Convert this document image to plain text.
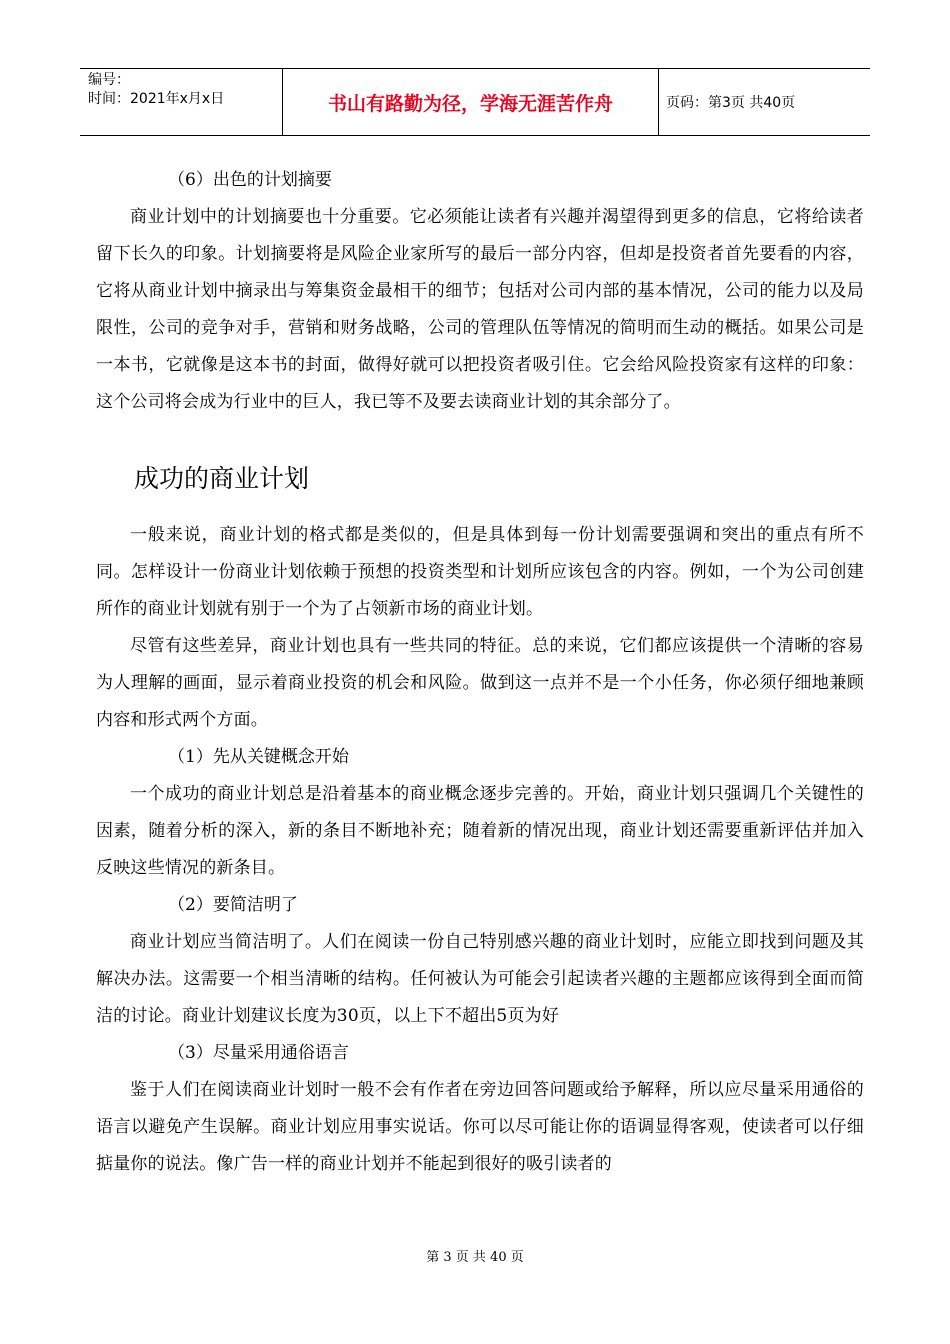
编号：
时间：2021年x月x日	书山有路勤为径，学海无涯苦作舟	页码：第3页 共40页

（6）出色的计划摘要

商业计划中的计划摘要也十分重要。它必须能让读者有兴趣并渴望得到更多的信息，它将给读者留下长久的印象。计划摘要将是风险企业家所写的最后一部分内容，但却是投资者首先要看的内容，它将从商业计划中摘录出与筹集资金最相干的细节；包括对公司内部的基本情况，公司的能力以及局限性，公司的竞争对手，营销和财务战略，公司的管理队伍等情况的简明而生动的概括。如果公司是一本书，它就像是这本书的封面，做得好就可以把投资者吸引住。它会给风险投资家有这样的印象：这个公司将会成为行业中的巨人，我已等不及要去读商业计划的其余部分了。

成功的商业计划

一般来说，商业计划的格式都是类似的，但是具体到每一份计划需要强调和突出的重点有所不同。怎样设计一份商业计划依赖于预想的投资类型和计划所应该包含的内容。例如，一个为公司创建所作的商业计划就有别于一个为了占领新市场的商业计划。

尽管有这些差异，商业计划也具有一些共同的特征。总的来说，它们都应该提供一个清晰的容易为人理解的画面，显示着商业投资的机会和风险。做到这一点并不是一个小任务，你必须仔细地兼顾内容和形式两个方面。

（1）先从关键概念开始

一个成功的商业计划总是沿着基本的商业概念逐步完善的。开始，商业计划只强调几个关键性的因素，随着分析的深入，新的条目不断地补充；随着新的情况出现，商业计划还需要重新评估并加入反映这些情况的新条目。

（2）要简洁明了

商业计划应当简洁明了。人们在阅读一份自己特别感兴趣的商业计划时，应能立即找到问题及其解决办法。这需要一个相当清晰的结构。任何被认为可能会引起读者兴趣的主题都应该得到全面而简洁的讨论。商业计划建议长度为30页，以上下不超出5页为好

（3）尽量采用通俗语言

鉴于人们在阅读商业计划时一般不会有作者在旁边回答问题或给予解释，所以应尽量采用通俗的语言以避免产生误解。商业计划应用事实说话。你可以尽可能让你的语调显得客观，使读者可以仔细掂量你的说法。像广告一样的商业计划并不能起到很好的吸引读者的

第 3 页 共 40 页
